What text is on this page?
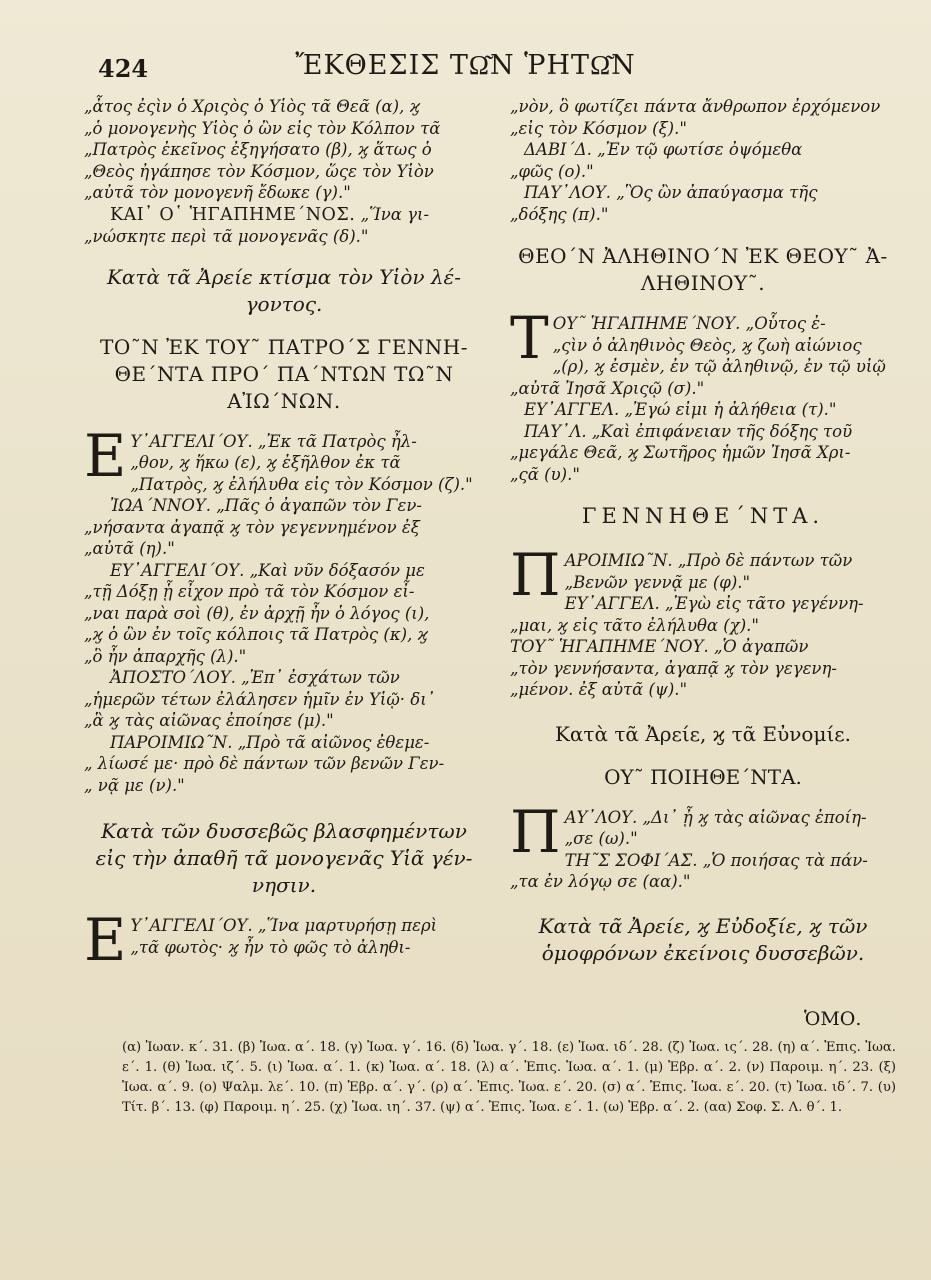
424	ἜΚΘΕΣΙΣ ΤΩ͂Ν ῬΗΤΩ͂Ν

„ἆτος ἐςὶν ὁ Χριςὸς ὁ Υἱὸς τᾶ Θεᾶ (α), ϗ

„ὁ μονογενὴς Υἱὸς ὁ ὢν εἰς τὸν Κόλπον τᾶ

„Πατρὸς ἐκεῖνος ἐξηγήσατο (β), ϗ ἅτως ὁ

„Θεὸς ἠγάπησε τὸν Κόσμον, ὥςε τὸν Υἱὸν

„αὐτᾶ τὸν μονογενῆ ἔδωκε (γ)."

ΚΑΙ᾿ Ο῾ ἩΓΑΠΗΜΕ΄ΝΟΣ. „Ἵνα γι-

„νώσκητε περὶ τᾶ μονογενᾶς (δ)."

Κατὰ τᾶ Ἀρείε κτίσμα τὸν Υἱὸν λέ-
γοντος.
ΤΟ῀Ν ἘΚ ΤΟΥ῀ ΠΑΤΡΟ΄Σ ΓΕΝΝΗ-
ΘΕ΄ΝΤΑ ΠΡΟ΄ ΠΑ΄ΝΤΩΝ ΤΩ῀Ν
ΑἸΩ΄ΝΩΝ.
Ε Υ᾿ΑΓΓΕΛΙ΄ΟΥ. „Ἐκ τᾶ Πατρὸς ἦλ-

„θον, ϗ ἥκω (ε), ϗ ἐξῆλθον ἐκ τᾶ

„Πατρὸς, ϗ ἐλήλυθα εἰς τὸν Κόσμον (ζ)."

ἸΩΑ΄ΝΝΟΥ. „Πᾶς ὁ ἀγαπῶν τὸν Γεν-

„νήσαντα ἀγαπᾷ ϗ τὸν γεγεννημένον ἐξ

„αὐτᾶ (η)."

ΕΥ᾿ΑΓΓΕΛΙ΄ΟΥ. „Καὶ νῦν δόξασόν με

„τῇ Δόξῃ ᾗ εἶχον πρὸ τᾶ τὸν Κόσμον εἶ-

„ναι παρὰ σοὶ (θ), ἐν ἀρχῇ ἦν ὁ λόγος (ι),

„ϗ ὁ ὢν ἐν τοῖς κόλποις τᾶ Πατρὸς (κ), ϗ

„ὃ ἦν ἀπαρχῆς (λ)."

ἈΠΟΣΤΟ΄ΛΟΥ. „Ἐπ᾿ ἐσχάτων τῶν

„ἡμερῶν τέτων ἐλάλησεν ἡμῖν ἐν Υἱῷ· δι᾿

„ἃ ϗ τὰς αἰῶνας ἐποίησε (μ)."

ΠΑΡΟΙΜΙΩ῀Ν. „Πρὸ τᾶ αἰῶνος ἐθεμε-

„ λίωσέ με· πρὸ δὲ πάντων τῶν βενῶν Γεν-

„ νᾷ με (ν)."

Κατὰ τῶν δυσσεβῶς βλασφημέντων
εἰς τὴν ἀπαθῆ τᾶ μονογενᾶς Υἱᾶ γέν-
νησιν.
Ε Υ᾿ΑΓΓΕΛΙ΄ΟΥ. „Ἵνα μαρτυρήσῃ περὶ

„τᾶ φωτὸς· ϗ ἦν τὸ φῶς τὸ ἀληθι-

„νὸν, ὃ φωτίζει πάντα ἄνθρωπον ἐρχόμενον

„εἰς τὸν Κόσμον (ξ)."

ΔΑΒΙ΄Δ. „Ἐν τῷ φωτίσε ὀψόμεθα

„φῶς (ο)."

ΠΑΥ᾿ΛΟΥ. „Ὃς ὢν ἀπαύγασμα τῆς

„δόξης (π)."

ΘΕΟ΄Ν ἈΛΗΘΙΝΟ΄Ν ἘΚ ΘΕΟΥ῀ Ἀ-
ΛΗΘΙΝΟΥ῀.
Τ ΟΥ῀ ἩΓΑΠΗΜΕ΄ΝΟΥ. „Οὗτος ἐ-

„ςὶν ὁ ἀληθινὸς Θεὸς, ϗ ζωὴ αἰώνιος

„(ρ), ϗ ἐσμὲν, ἐν τῷ ἀληθινῷ, ἐν τῷ υἱῷ

„αὐτᾶ Ἰησᾶ Χριςῷ (σ)."

ΕΥ᾿ΑΓΓΕΛ. „Ἐγώ εἰμι ἡ ἀλήθεια (τ)."

ΠΑΥ᾿Λ. „Καὶ ἐπιφάνειαν τῆς δόξης τοῦ

„μεγάλε Θεᾶ, ϗ Σωτῆρος ἡμῶν Ἰησᾶ Χρι-

„ςᾶ (υ)."

ΓΕΝΝΗΘΕ΄ΝΤΑ.
Π ΑΡΟΙΜΙΩ῀Ν. „Πρὸ δὲ πάντων τῶν

„Βενῶν γεννᾷ με (φ)."

ΕΥ᾿ΑΓΓΕΛ. „Ἐγὼ εἰς τᾶτο γεγέννη-

„μαι, ϗ εἰς τᾶτο ἐλήλυθα (χ)."

ΤΟΥ῀ ἩΓΑΠΗΜΕ΄ΝΟΥ. „Ὁ ἀγαπῶν

„τὸν γεννήσαντα, ἀγαπᾷ ϗ τὸν γεγενη-

„μένον. ἐξ αὐτᾶ (ψ)."

Κατὰ τᾶ Ἀρείε, ϗ τᾶ Εὐνομίε.
ΟΥ῀ ΠΟΙΗΘΕ΄ΝΤΑ.
Π ΑΥ᾿ΛΟΥ. „Δι᾿ ᾖ ϗ τὰς αἰῶνας ἐποίη-

„σε (ω)."

ΤΗ῀Σ ΣΟΦΙ΄ΑΣ. „Ὁ ποιήσας τὰ πάν-

„τα ἐν λόγῳ σε (αα)."

Κατὰ τᾶ Ἀρείε, ϗ Εὐδοξίε, ϗ τῶν
ὁμοφρόνων ἐκείνοις δυσσεβῶν.
ὉΜΟ.
(α) Ἰωαν. κ΄. 31. (β) Ἰωα. α΄. 18. (γ) Ἰωα. γ΄. 16. (δ) Ἰωα. γ΄. 18. (ε) Ἰωα. ιδ΄. 28. (ζ) Ἰωα. ις΄. 28. (η) α΄. Ἐπις. Ἰωα. ε΄. 1. (θ) Ἰωα. ιζ΄. 5. (ι) Ἰωα. α΄. 1. (κ) Ἰωα. α΄. 18. (λ) α΄. Ἐπις. Ἰωα. α΄. 1. (μ) Ἑβρ. α΄. 2. (ν) Παροιμ. η΄. 23. (ξ) Ἰωα. α΄. 9. (ο) Ψαλμ. λε΄. 10. (π) Ἑβρ. α΄. γ΄. (ρ) α΄. Ἐπις. Ἰωα. ε΄. 20. (σ) α΄. Ἐπις. Ἰωα. ε΄. 20. (τ) Ἰωα. ιδ΄. 7. (υ) Τίτ. β΄. 13. (φ) Παροιμ. η΄. 25. (χ) Ἰωα. ιη΄. 37. (ψ) α΄. Ἐπις. Ἰωα. ε΄. 1. (ω) Ἑβρ. α΄. 2. (αα) Σοφ. Σ. Λ. θ΄. 1.
